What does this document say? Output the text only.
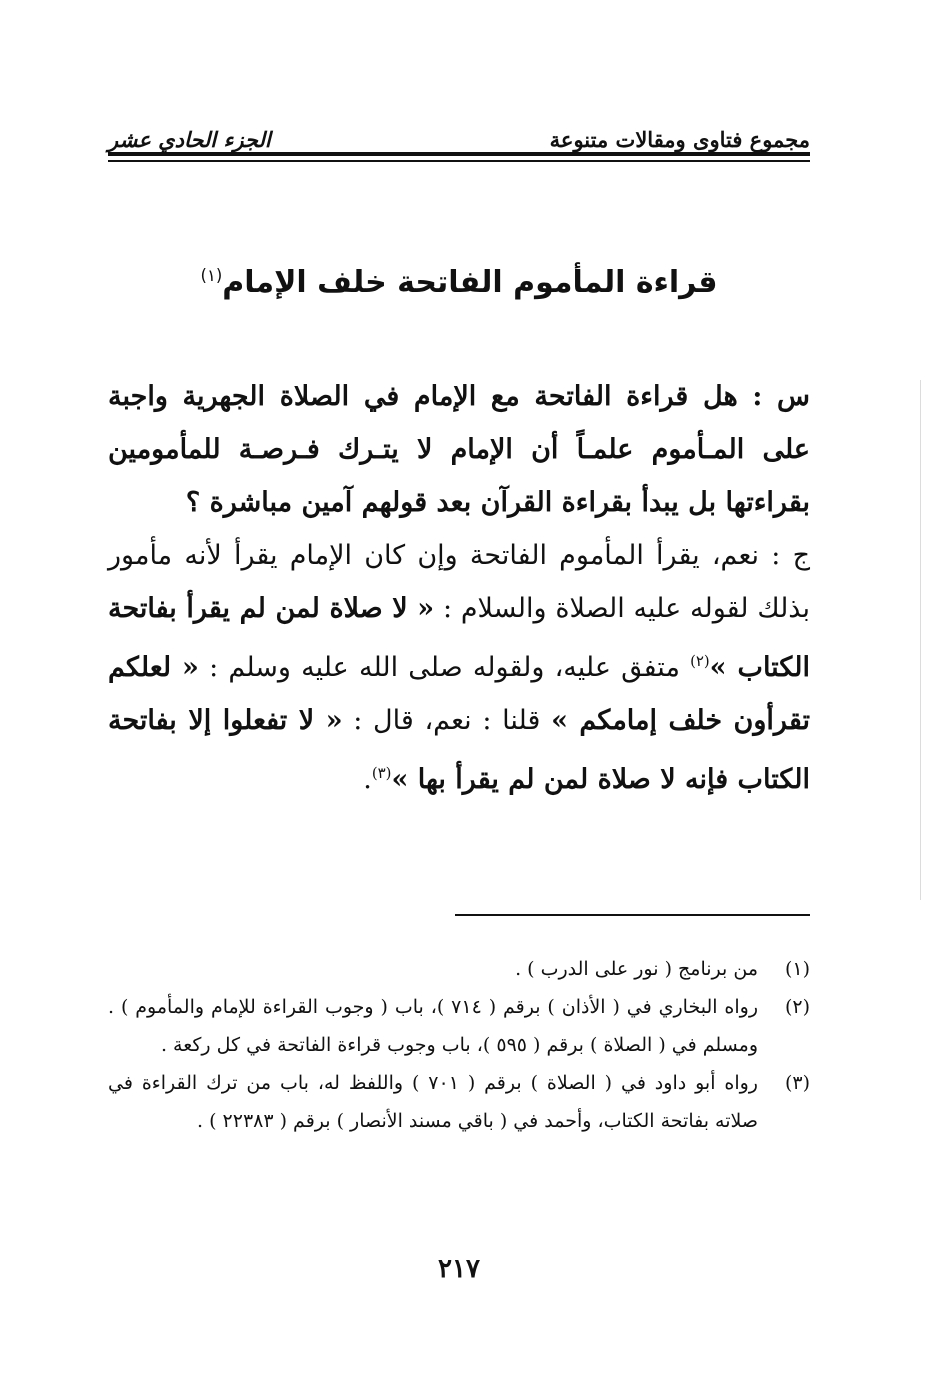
مجموع فتاوى ومقالات متنوعة
الجزء الحادي عشر
قراءة المأموم الفاتحة خلف الإمام$^{(١)}$

س : هل قراءة الفاتحة مع الإمام في الصلاة الجهرية واجبة على المـأموم علمـاً أن الإمام لا يتـرك فـرصـة للمأمومين بقراءتها بل يبدأ بقراءة القرآن بعد قولهم آمين مباشرة ؟

ج : نعم، يقرأ المأموم الفاتحة وإن كان الإمام يقرأ لأنه مأمور بذلك لقوله عليه الصلاة والسلام : « لا صلاة لمن لم يقرأ بفاتحة الكتاب »$^{(٢)}$ متفق عليه، ولقوله صلى الله عليه وسلم : « لعلكم تقرأون خلف إمامكم » قلنا : نعم، قال : « لا تفعلوا إلا بفاتحة الكتاب فإنه لا صلاة لمن لم يقرأ بها »$^{(٣)}$.

(١)
من برنامج ( نور على الدرب ) .
(٢)
رواه البخاري في ( الأذان ) برقم ( ٧١٤ )، باب ( وجوب القراءة للإمام والمأموم ) . ومسلم في ( الصلاة ) برقم ( ٥٩٥ )، باب وجوب قراءة الفاتحة في كل ركعة .
(٣)
رواه أبو داود في ( الصلاة ) برقم ( ٧٠١ ) واللفظ له، باب من ترك القراءة في صلاته بفاتحة الكتاب، وأحمد في ( باقي مسند الأنصار ) برقم ( ٢٢٣٨٣ ) .
٢١٧
